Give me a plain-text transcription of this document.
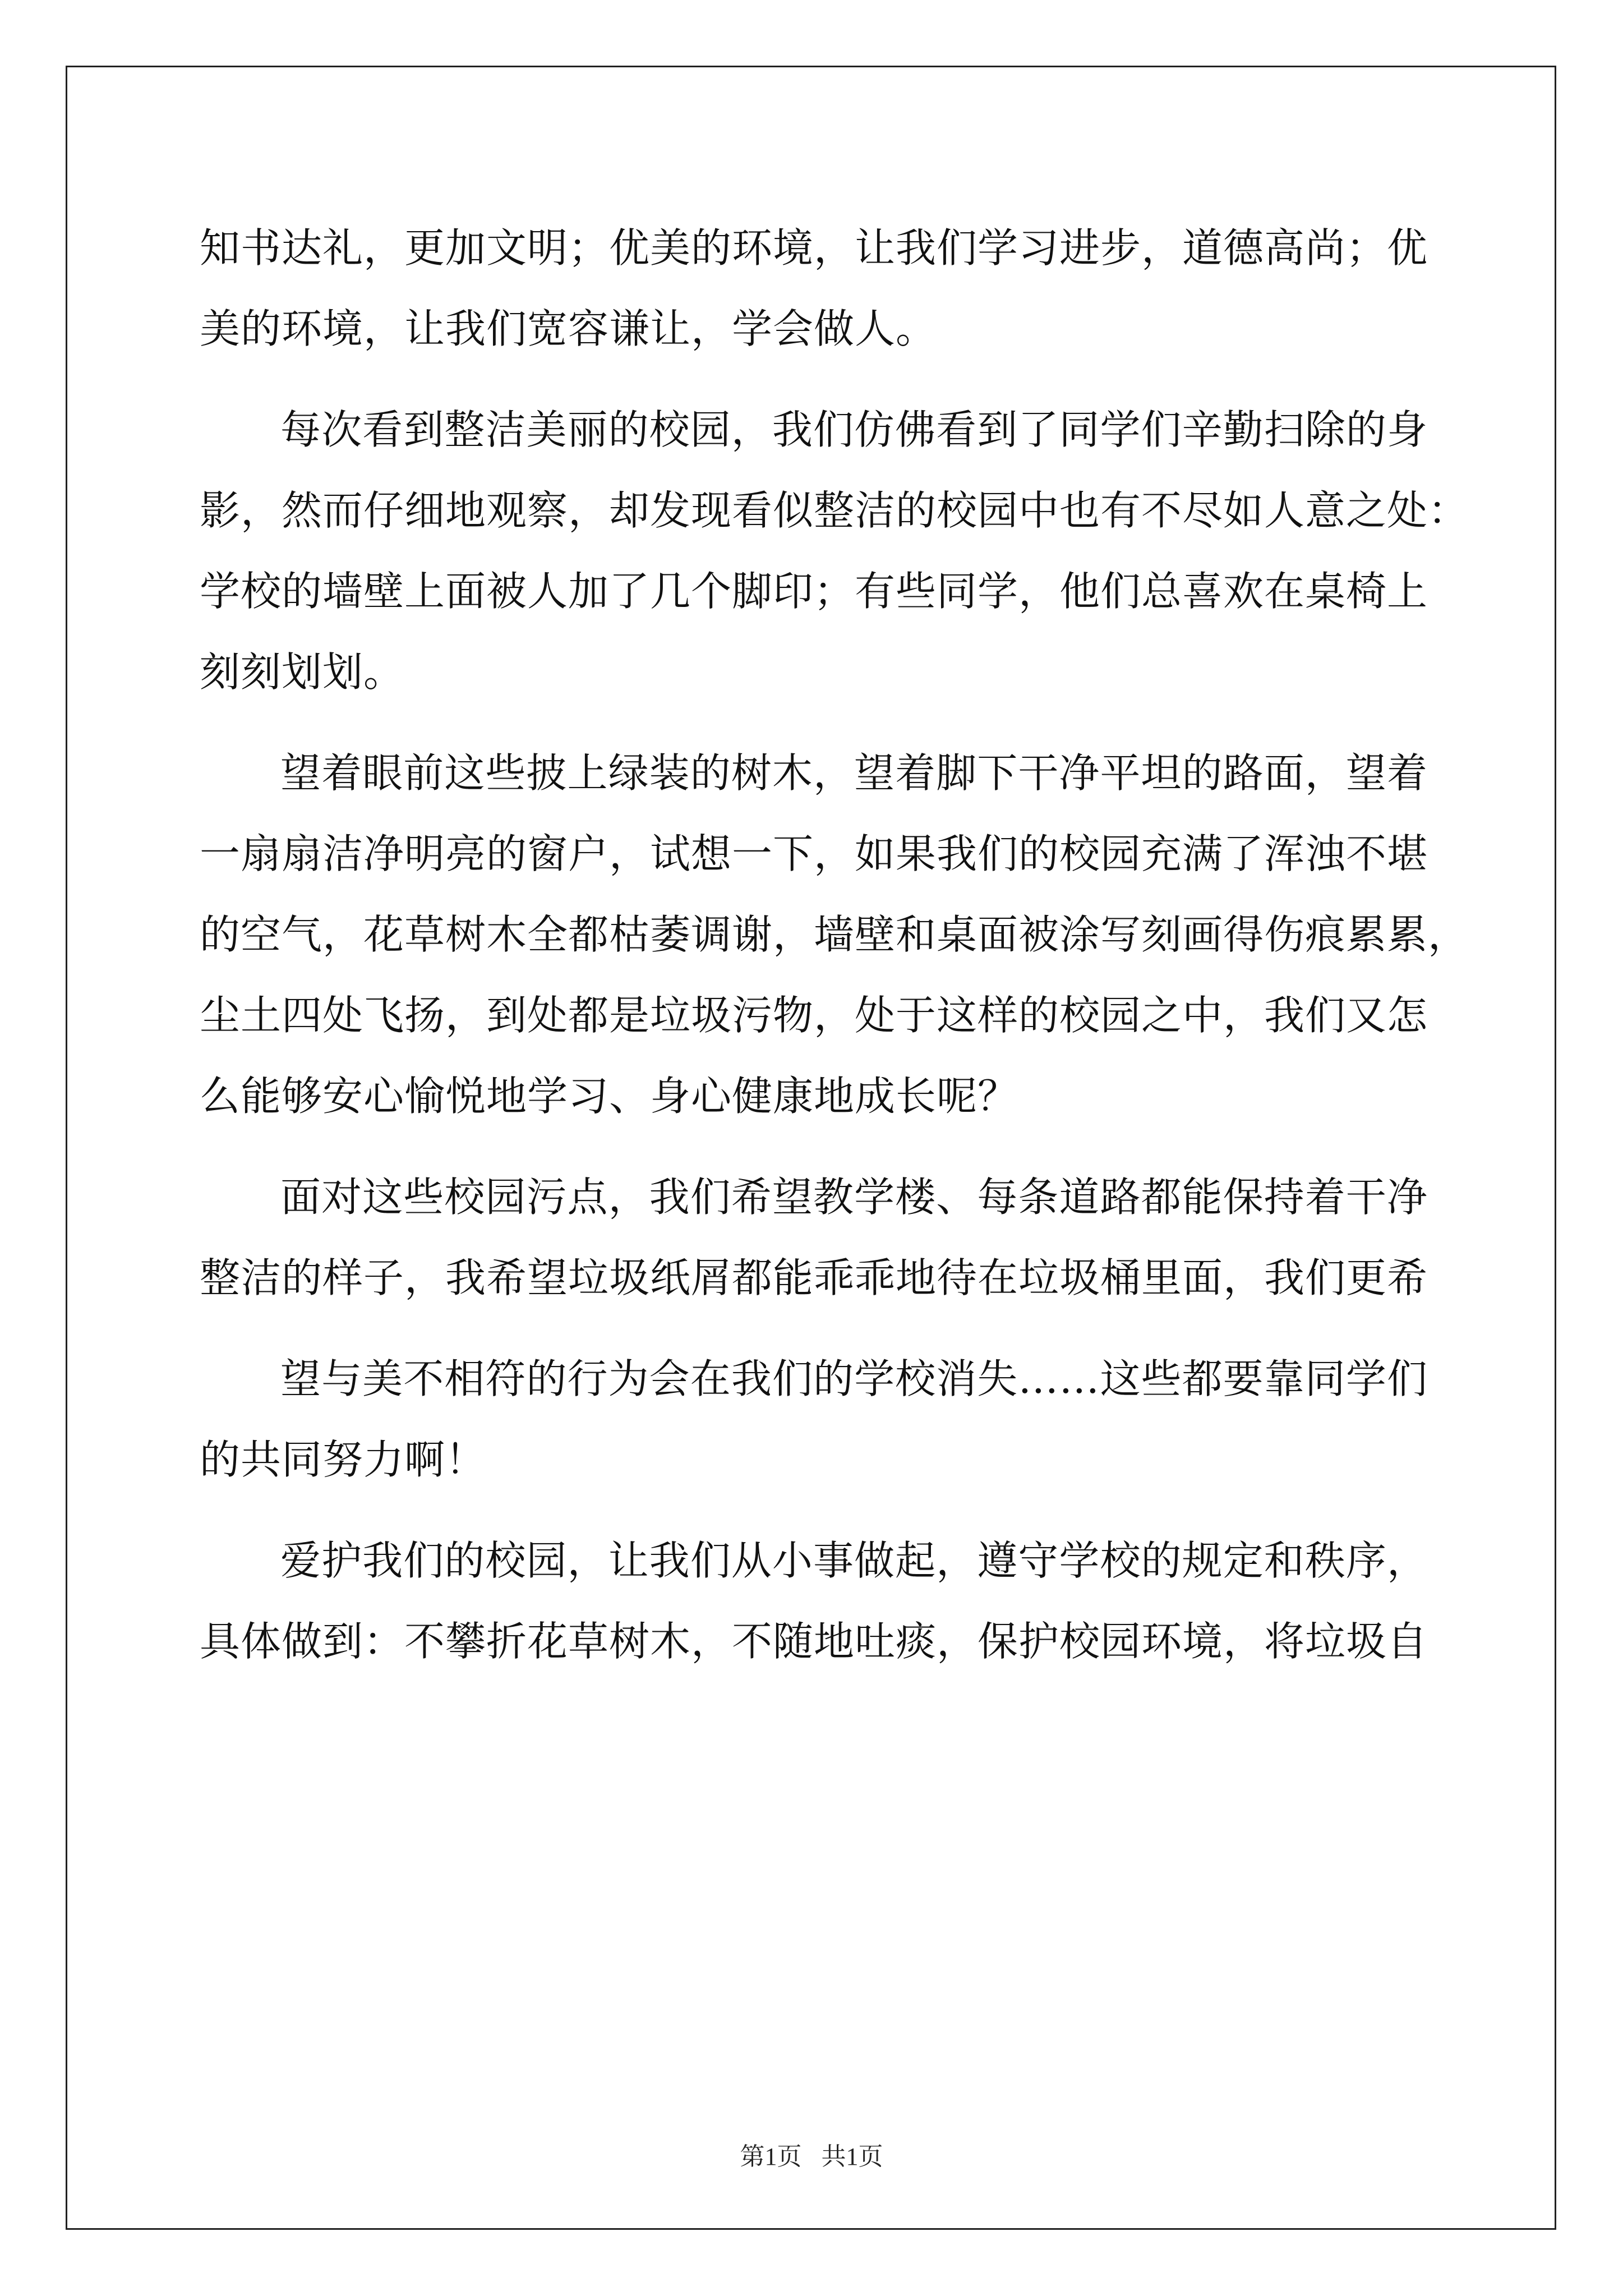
知书达礼，更加文明；优美的环境，让我们学习进步，道德高尚；优
美的环境，让我们宽容谦让，学会做人。
每次看到整洁美丽的校园，我们仿佛看到了同学们辛勤扫除的身
影，然而仔细地观察，却发现看似整洁的校园中也有不尽如人意之处：
学校的墙壁上面被人加了几个脚印；有些同学，他们总喜欢在桌椅上
刻刻划划。
望着眼前这些披上绿装的树木，望着脚下干净平坦的路面，望着
一扇扇洁净明亮的窗户，试想一下，如果我们的校园充满了浑浊不堪
的空气，花草树木全都枯萎调谢，墙壁和桌面被涂写刻画得伤痕累累，
尘土四处飞扬，到处都是垃圾污物，处于这样的校园之中，我们又怎
么能够安心愉悦地学习、身心健康地成长呢？
面对这些校园污点，我们希望教学楼、每条道路都能保持着干净
整洁的样子，我希望垃圾纸屑都能乖乖地待在垃圾桶里面，我们更希
望与美不相符的行为会在我们的学校消失……这些都要靠同学们
的共同努力啊！
爱护我们的校园，让我们从小事做起，遵守学校的规定和秩序，
具体做到：不攀折花草树木，不随地吐痰，保护校园环境，将垃圾自
第1页 共1页
